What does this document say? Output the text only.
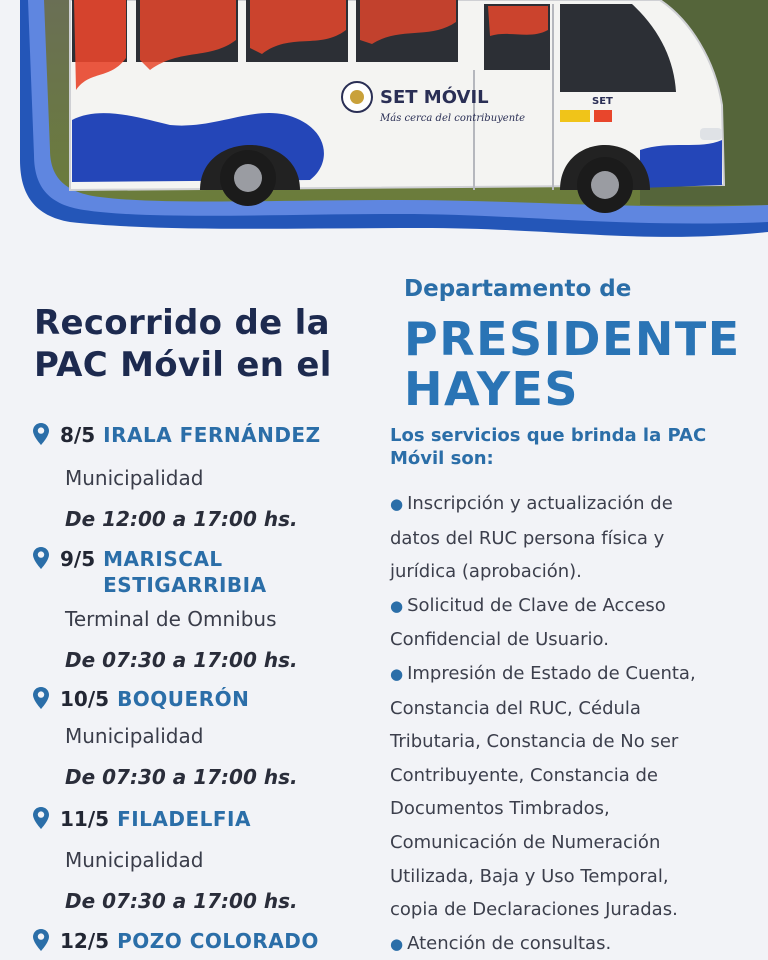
SET MÓVIL
Más cerca del contribuyente
SET
Recorrido de la
PAC Móvil en el
Departamento de
PRESIDENTE
HAYES
8/5 IRALA FERNÁNDEZ
Municipalidad
De 12:00 a 17:00 hs.
9/5 MARISCAL
ESTIGARRIBIA
Terminal de Omnibus
De 07:30 a 17:00 hs.
10/5 BOQUERÓN
Municipalidad
De 07:30 a 17:00 hs.
11/5 FILADELFIA
Municipalidad
De 07:30 a 17:00 hs.
12/5 POZO COLORADO
Los servicios que brinda la PAC
Móvil son:
● Inscripción y actualización de
datos del RUC persona física y
jurídica (aprobación).
● Solicitud de Clave de Acceso
Confidencial de Usuario.
● Impresión de Estado de Cuenta,
Constancia del RUC, Cédula
Tributaria, Constancia de No ser
Contribuyente, Constancia de
Documentos Timbrados,
Comunicación de Numeración
Utilizada, Baja y Uso Temporal,
copia de Declaraciones Juradas.
● Atención de consultas.
